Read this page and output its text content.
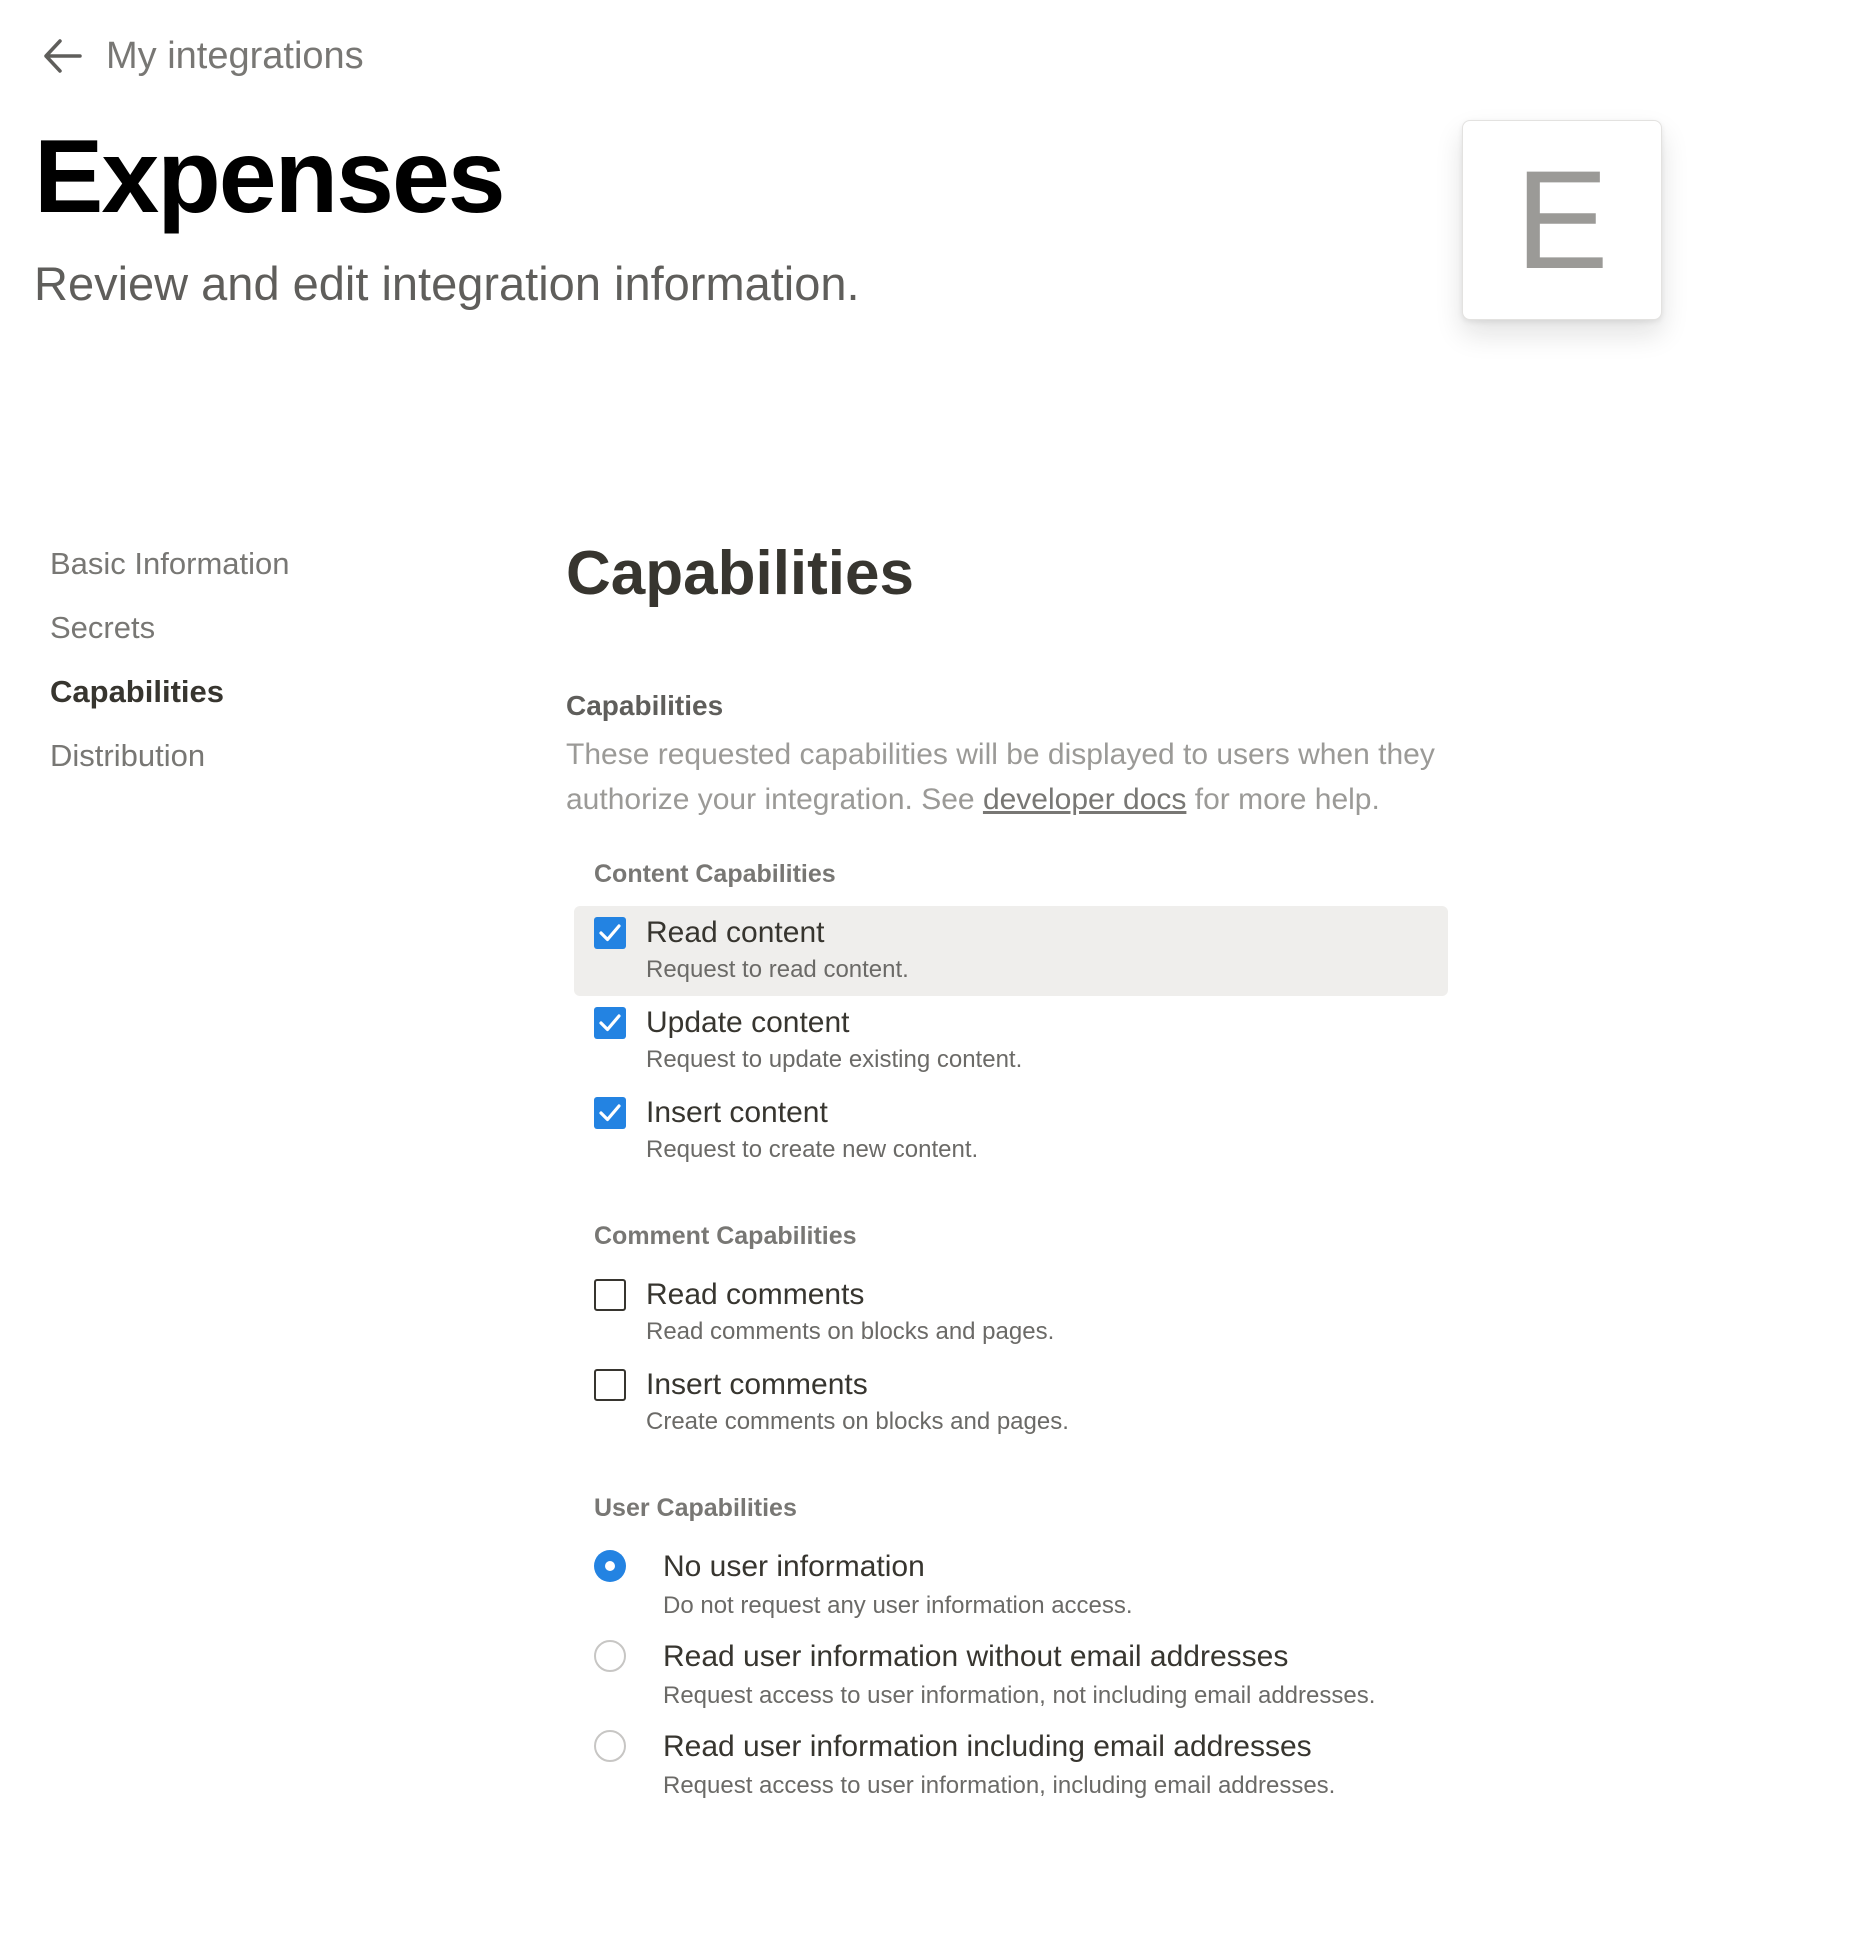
My integrations
Expenses

Review and edit integration information.	E
Basic Information
Secrets
Capabilities
Distribution
Capabilities
Capabilities
These requested capabilities will be displayed to users when they authorize your integration. See developer docs for more help.
Content Capabilities
Read content
Request to read content.
Update content
Request to update existing content.
Insert content
Request to create new content.
Comment Capabilities
Read comments
Read comments on blocks and pages.
Insert comments
Create comments on blocks and pages.
User Capabilities
No user information
Do not request any user information access.
Read user information without email addresses
Request access to user information, not including email addresses.
Read user information including email addresses
Request access to user information, including email addresses.
